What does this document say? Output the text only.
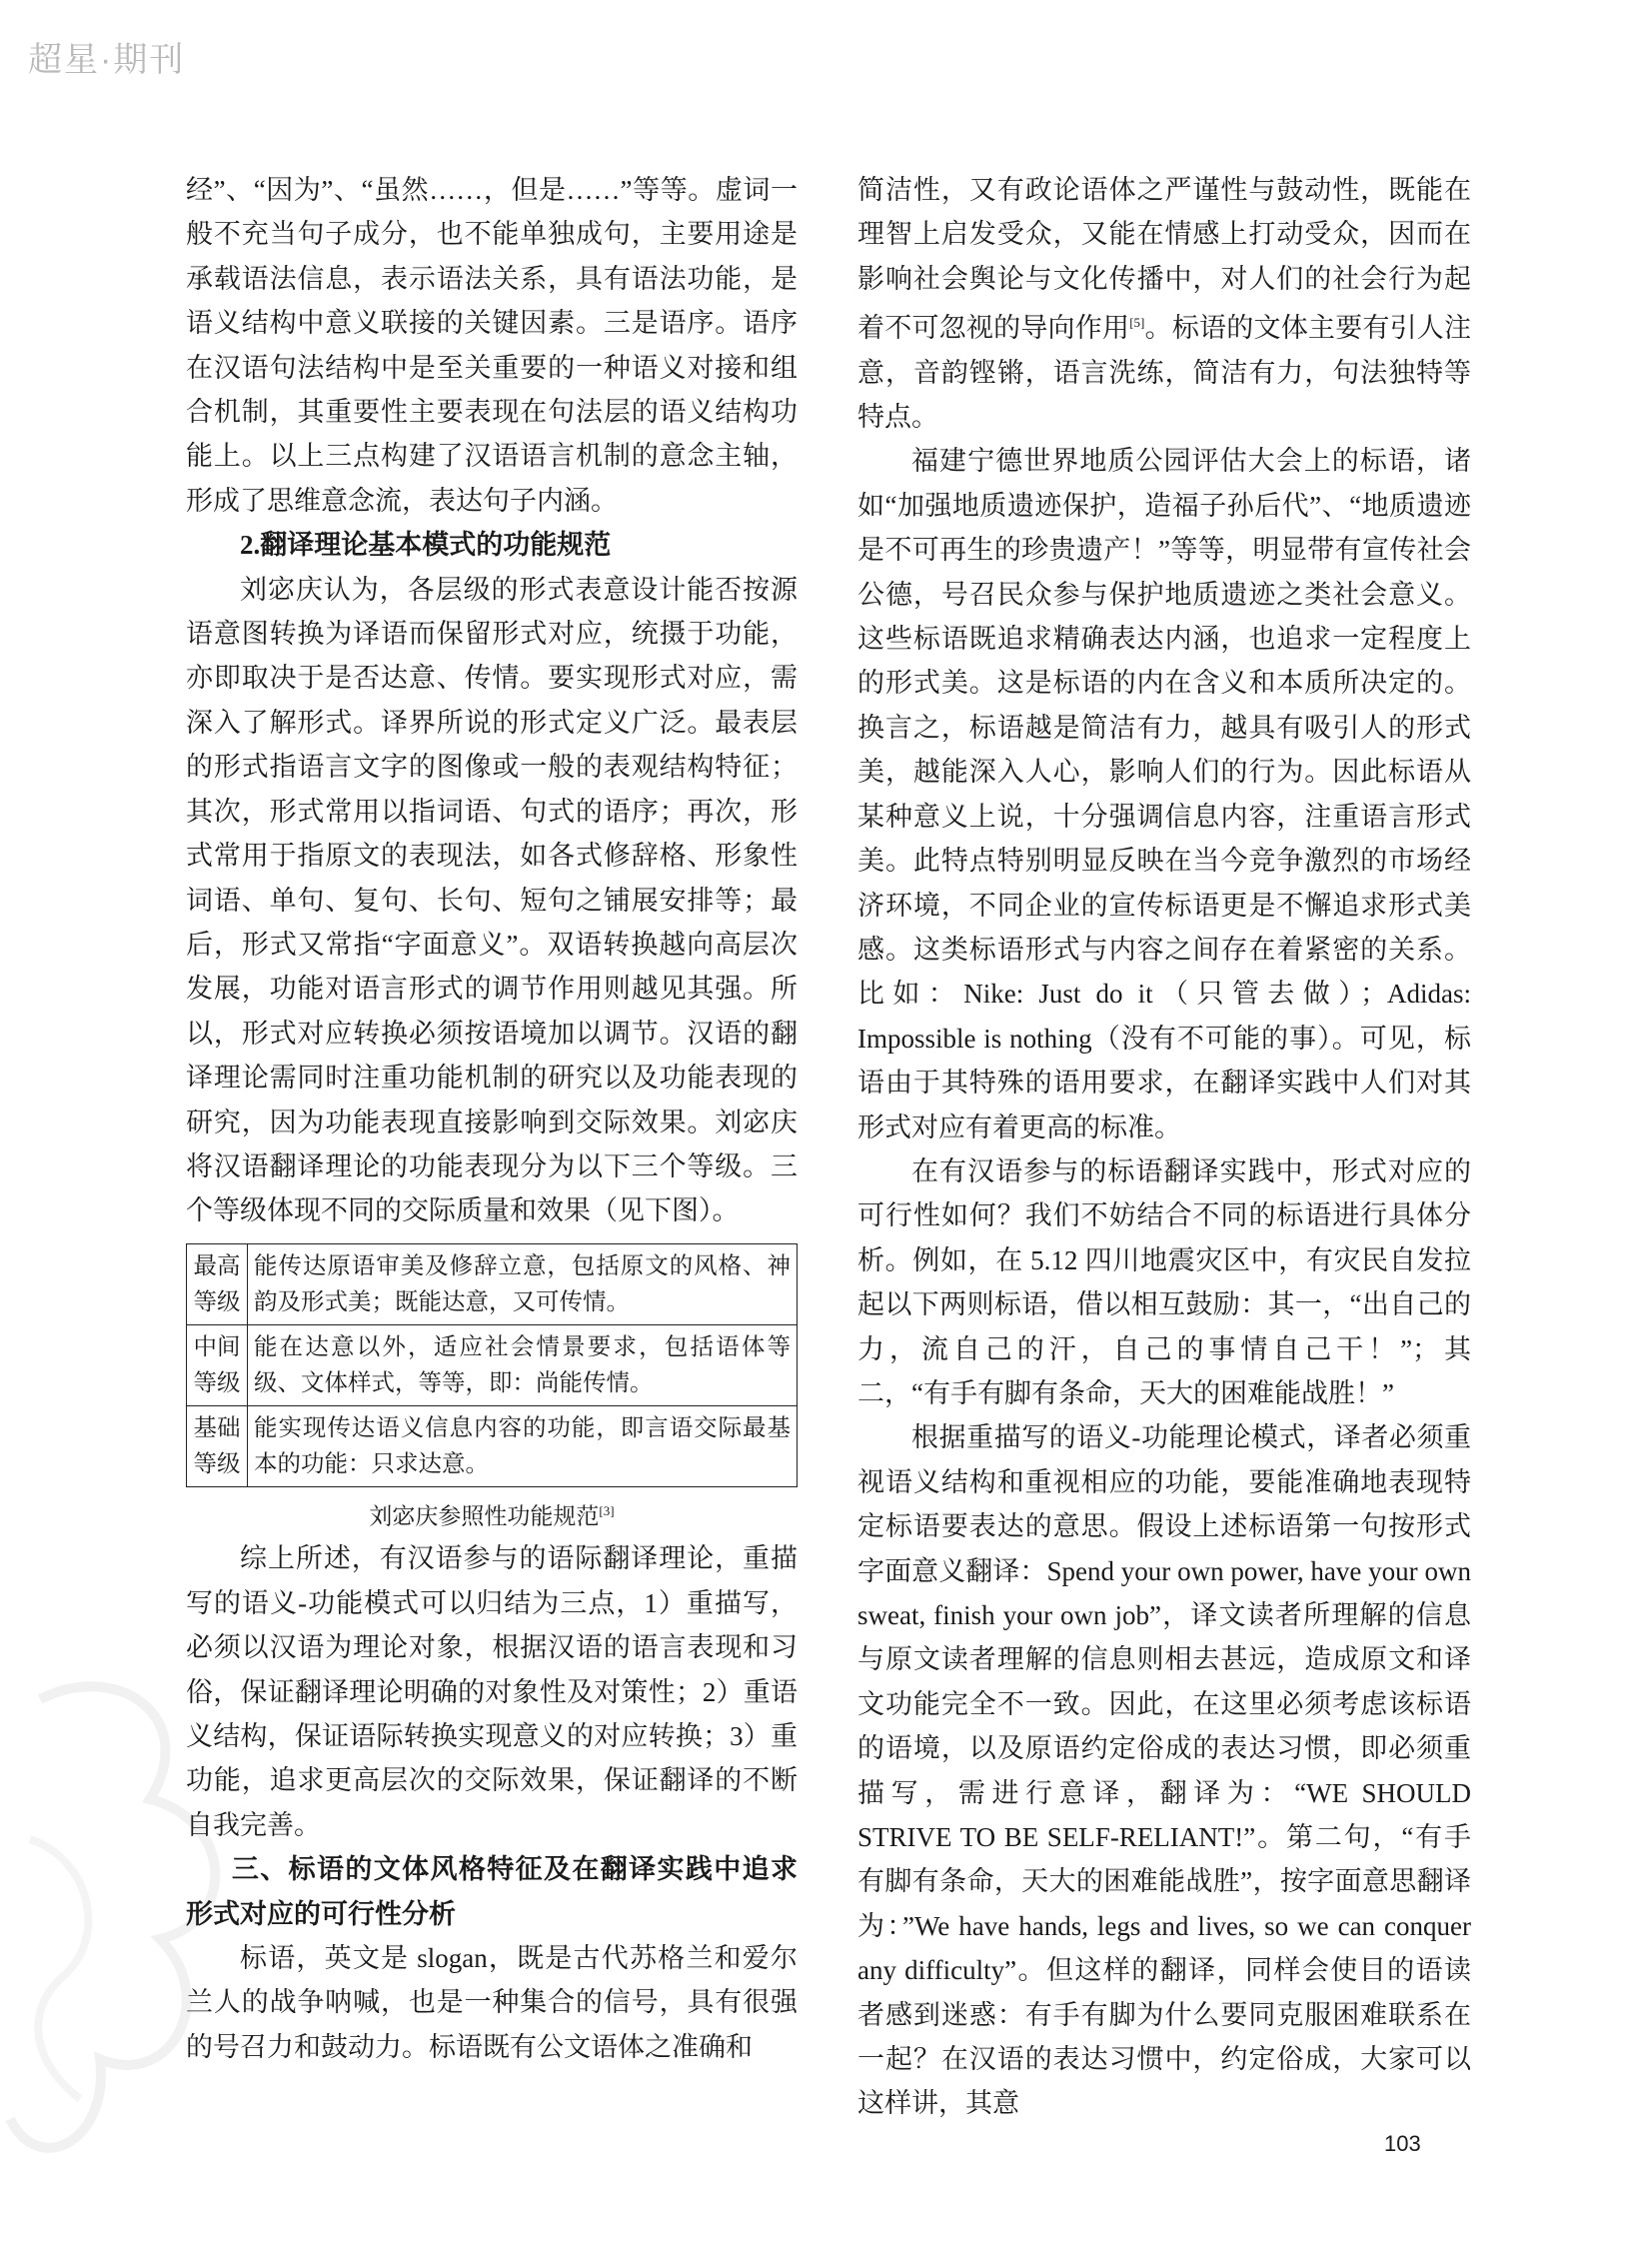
超星·期刊

经”、“因为”、“虽然……，但是……”等等。虚词一般不充当句子成分，也不能单独成句，主要用途是承载语法信息，表示语法关系，具有语法功能，是语义结构中意义联接的关键因素。三是语序。语序在汉语句法结构中是至关重要的一种语义对接和组合机制，其重要性主要表现在句法层的语义结构功能上。以上三点构建了汉语语言机制的意念主轴，形成了思维意念流，表达句子内涵。

2.翻译理论基本模式的功能规范

刘宓庆认为，各层级的形式表意设计能否按源语意图转换为译语而保留形式对应，统摄于功能，亦即取决于是否达意、传情。要实现形式对应，需深入了解形式。译界所说的形式定义广泛。最表层的形式指语言文字的图像或一般的表观结构特征；其次，形式常用以指词语、句式的语序；再次，形式常用于指原文的表现法，如各式修辞格、形象性词语、单句、复句、长句、短句之铺展安排等；最后，形式又常指“字面意义”。双语转换越向高层次发展，功能对语言形式的调节作用则越见其强。所以，形式对应转换必须按语境加以调节。汉语的翻译理论需同时注重功能机制的研究以及功能表现的研究，因为功能表现直接影响到交际效果。刘宓庆将汉语翻译理论的功能表现分为以下三个等级。三个等级体现不同的交际质量和效果（见下图）。

最高等级	能传达原语审美及修辞立意，包括原文的风格、神韵及形式美；既能达意，又可传情。
中间等级	能在达意以外，适应社会情景要求，包括语体等级、文体样式，等等，即：尚能传情。
基础等级	能实现传达语义信息内容的功能，即言语交际最基本的功能：只求达意。

刘宓庆参照性功能规范[3]

综上所述，有汉语参与的语际翻译理论，重描写的语义-功能模式可以归结为三点，1）重描写，必须以汉语为理论对象，根据汉语的语言表现和习俗，保证翻译理论明确的对象性及对策性；2）重语义结构，保证语际转换实现意义的对应转换；3）重功能，追求更高层次的交际效果，保证翻译的不断自我完善。

三、标语的文体风格特征及在翻译实践中追求形式对应的可行性分析

标语，英文是 slogan，既是古代苏格兰和爱尔兰人的战争呐喊，也是一种集合的信号，具有很强的号召力和鼓动力。标语既有公文语体之准确和

简洁性，又有政论语体之严谨性与鼓动性，既能在理智上启发受众，又能在情感上打动受众，因而在影响社会舆论与文化传播中，对人们的社会行为起着不可忽视的导向作用[5]。标语的文体主要有引人注意，音韵铿锵，语言洗练，简洁有力，句法独特等特点。

福建宁德世界地质公园评估大会上的标语，诸如“加强地质遗迹保护，造福子孙后代”、“地质遗迹是不可再生的珍贵遗产！”等等，明显带有宣传社会公德，号召民众参与保护地质遗迹之类社会意义。这些标语既追求精确表达内涵，也追求一定程度上的形式美。这是标语的内在含义和本质所决定的。换言之，标语越是简洁有力，越具有吸引人的形式美，越能深入人心，影响人们的行为。因此标语从某种意义上说，十分强调信息内容，注重语言形式美。此特点特别明显反映在当今竞争激烈的市场经济环境，不同企业的宣传标语更是不懈追求形式美感。这类标语形式与内容之间存在着紧密的关系。比如：Nike: Just do it（只管去做）；Adidas: Impossible is nothing（没有不可能的事）。可见，标语由于其特殊的语用要求，在翻译实践中人们对其形式对应有着更高的标准。

在有汉语参与的标语翻译实践中，形式对应的可行性如何？我们不妨结合不同的标语进行具体分析。例如，在 5.12 四川地震灾区中，有灾民自发拉起以下两则标语，借以相互鼓励：其一，“出自己的力，流自己的汗，自己的事情自己干！”；其二，“有手有脚有条命，天大的困难能战胜！”

根据重描写的语义-功能理论模式，译者必须重视语义结构和重视相应的功能，要能准确地表现特定标语要表达的意思。假设上述标语第一句按形式字面意义翻译：Spend your own power, have your own sweat, finish your own job”，译文读者所理解的信息与原文读者理解的信息则相去甚远，造成原文和译文功能完全不一致。因此，在这里必须考虑该标语的语境，以及原语约定俗成的表达习惯，即必须重描写，需进行意译，翻译为：“WE SHOULD STRIVE TO BE SELF-RELIANT!”。第二句，“有手有脚有条命，天大的困难能战胜”，按字面意思翻译为：”We have hands, legs and lives, so we can conquer any difficulty”。但这样的翻译，同样会使目的语读者感到迷惑：有手有脚为什么要同克服困难联系在一起？在汉语的表达习惯中，约定俗成，大家可以这样讲，其意

103
